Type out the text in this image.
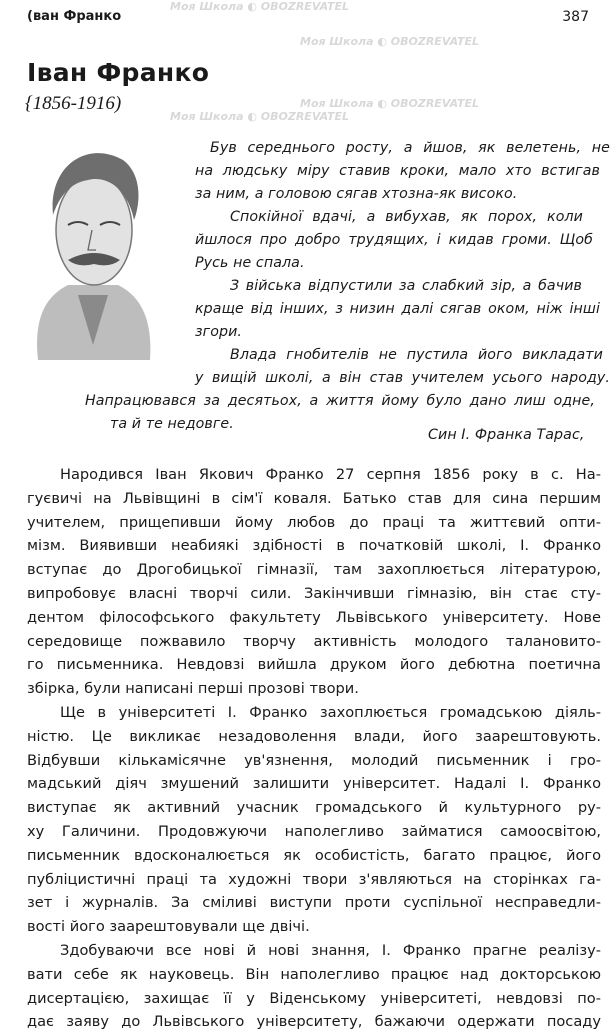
(ван Франко	387
Іван Франко
{1856-1916)
Був середнього росту, а йшов, як велетень, не
на людську міру ставив кроки, мало хто встигав
за ним, а головою сягав хтозна-як високо.
Спокійної вдачі, а вибухав, як порох, коли
йшлося про добро трудящих, і кидав громи. Щоб
Русь не спала.
З війська відпустили за слабкий зір, а бачив
краще від інших, з низин далі сягав оком, ніж інші
згори.
Влада гнобителів не пустила його викладати
у вищій школі, а він став учителем усього народу.
Напрацювався за десятьох, а життя йому було дано лиш одне,
та й те недовге.
Син І. Франка Тарас,
Народився Іван Якович Франко 27 серпня 1856 року в с. На-
гуєвичі на Львівщині в сім'ї коваля. Батько став для сина першим
учителем, прищепивши йому любов до праці та життєвий опти-
мізм. Виявивши неабиякі здібності в початковій школі, І. Франко
вступає до Дрогобицької гімназії, там захоплюється літературою,
випробовує власні творчі сили. Закінчивши гімназію, він стає сту-
дентом філософського факультету Львівського університету. Нове
середовище пожвавило творчу активність молодого талановито-
го письменника. Невдовзі вийшла друком його дебютна поетична
збірка, були написані перші прозові твори.
Ще в університеті І. Франко захоплюється громадською діяль-
ністю. Це викликає незадоволення влади, його заарештовують.
Відбувши кількамісячне ув'язнення, молодий письменник і гро-
мадський діяч змушений залишити університет. Надалі І. Франко
виступає як активний учасник громадського й культурного ру-
ху Галичини. Продовжуючи наполегливо займатися самоосвітою,
письменник вдосконалюється як особистість, багато працює, його
публіцистичні праці та художні твори з'являються на сторінках га-
зет і журналів. За сміливі виступи проти суспільної несправедли-
вості його заарештовували ще двічі.
Здобуваючи все нові й нові знання, І. Франко прагне реалізу-
вати себе як науковець. Він наполегливо працює над докторською
дисертацією, захищає її у Віденському університеті, невдовзі по-
дає заяву до Львівського університету, бажаючи одержати посаду
Моя Школа ◐ OBOZREVATEL
Моя Школа ◐ OBOZREVATEL
Моя Школа ◐ OBOZREVATEL
Моя Школа ◐ OBOZREVATEL
